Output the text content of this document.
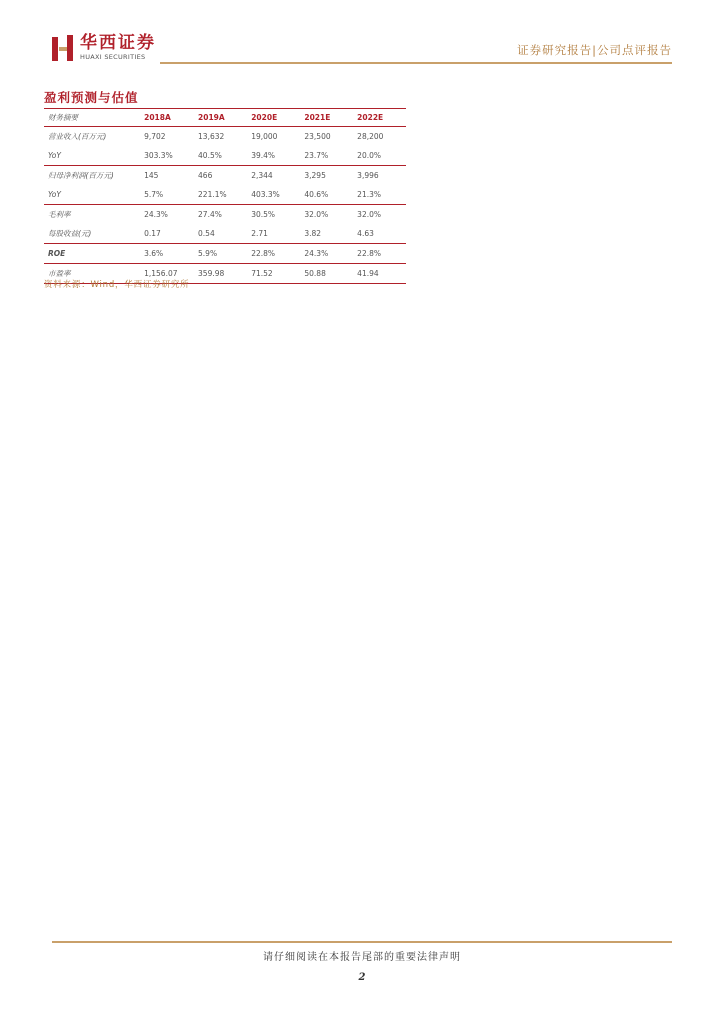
华西证券
HUAXI SECURITIES	证券研究报告|公司点评报告
盈利预测与估值
财务摘要	2018A	2019A	2020E	2021E	2022E
营业收入(百万元)	9,702	13,632	19,000	23,500	28,200
YoY	303.3%	40.5%	39.4%	23.7%	20.0%
归母净利润(百万元)	145	466	2,344	3,295	3,996
YoY	5.7%	221.1%	403.3%	40.6%	21.3%
毛利率	24.3%	27.4%	30.5%	32.0%	32.0%
每股收益(元)	0.17	0.54	2.71	3.82	4.63
ROE	3.6%	5.9%	22.8%	24.3%	22.8%
市盈率	1,156.07	359.98	71.52	50.88	41.94
资料来源：Wind，华西证券研究所
请仔细阅读在本报告尾部的重要法律声明
2
